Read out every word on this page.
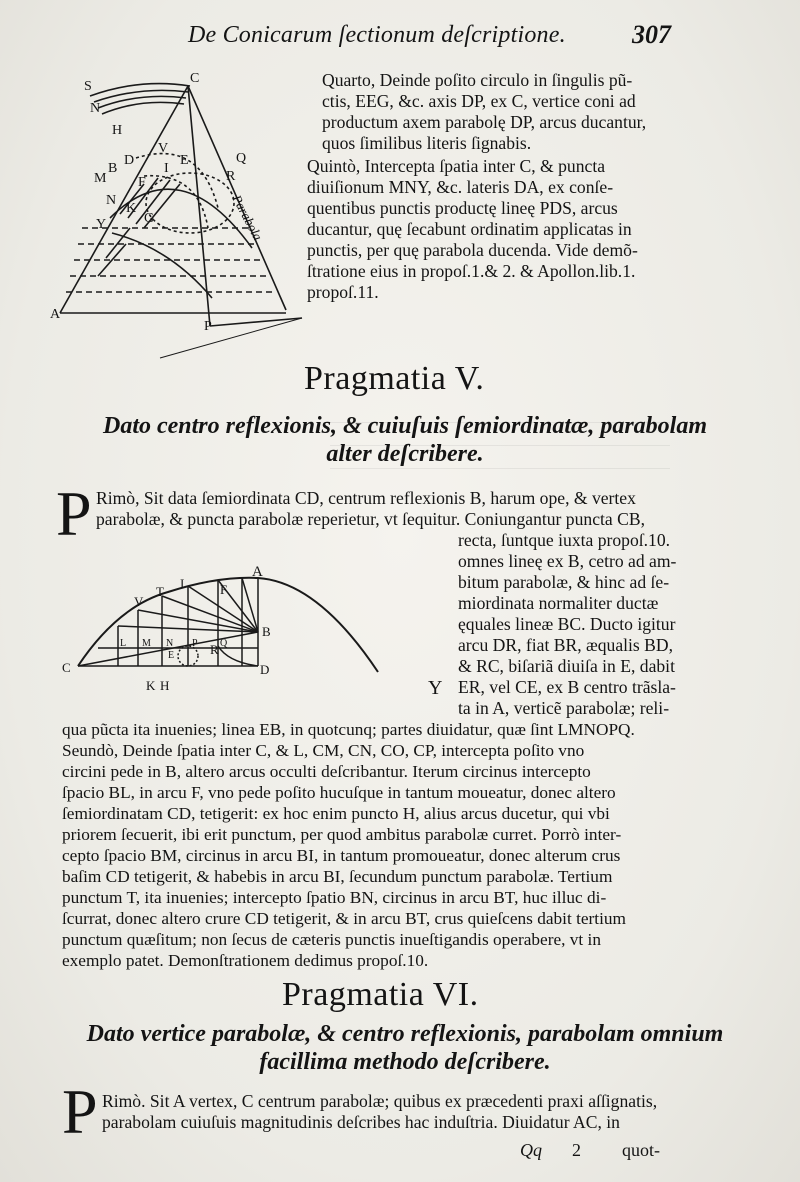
De Conicarum ſectionum deſcriptione.	307
S
N
H
V
I
E
C
M
N
F
K
Y	G
B
R
Q
A
P
D
Parabola
Quarto, Deinde poſito circulo in ſingulis pũ-
ctis, EEG, &c. axis DP, ex C, vertice coni ad
productum axem parabolę DP, arcus ducantur,
quos ſimilibus literis ſignabis.
Quintò, Intercepta ſpatia inter C, & puncta
diuiſionum MNY, &c. lateris DA, ex conſe-
quentibus punctis productę lineę PDS, arcus
ducantur, quę ſecabunt ordinatim applicatas in
punctis, per quę parabola ducenda. Vide demõ-
ſtratione eius in propoſ.1.& 2. & Apollon.lib.1.
propoſ.11.
Pragmatia V.
Dato centro reflexionis, & cuiuſuis ſemiordinatæ, parabolam
alter deſcribere.
P Rimò, Sit data ſemiordinata CD, centrum reflexionis B, harum ope, & vertex
parabolæ, & puncta parabolæ reperietur, vt ſequitur. Coniungantur puncta CB,
A
F
I
T
V
B
C	D
K H
R
Y
L M N P Q
E
recta, ſuntque iuxta propoſ.10.
omnes lineę ex B, cetro ad am-
bitum parabolæ, & hinc ad ſe-
miordinata normaliter ductæ
ęquales lineæ BC. Ducto igitur
arcu DR, fiat BR, æqualis BD,
& RC, biſariã diuiſa in E, dabit
ER, vel CE, ex B centro trãsla-
ta in A, verticẽ parabolæ; reli-
qua pũcta ita inuenies; linea EB, in quotcunq; partes diuidatur, quæ ſint LMNOPQ.
Seundò, Deinde ſpatia inter C, & L, CM, CN, CO, CP, intercepta poſito vno
circini pede in B, altero arcus occulti deſcribantur. Iterum circinus intercepto
ſpacio BL, in arcu F, vno pede poſito hucuſque in tantum moueatur, donec altero
ſemiordinatam CD, tetigerit: ex hoc enim puncto H, alius arcus ducetur, qui vbi
priorem ſecuerit, ibi erit punctum, per quod ambitus parabolæ curret. Porrò inter-
cepto ſpacio BM, circinus in arcu BI, in tantum promoueatur, donec alterum crus
baſim CD tetigerit, & habebis in arcu BI, ſecundum punctum parabolæ. Tertium
punctum T, ita inuenies; intercepto ſpatio BN, circinus in arcu BT, huc illuc di-
ſcurrat, donec altero crure CD tetigerit, & in arcu BT, crus quieſcens dabit tertium
punctum quæſitum; non ſecus de cæteris punctis inueſtigandis operabere, vt in
exemplo patet. Demonſtrationem dedimus propoſ.10.
Pragmatia VI.
Dato vertice parabolæ, & centro reflexionis, parabolam omnium
facillima methodo deſcribere.
P Rimò. Sit A vertex, C centrum parabolæ; quibus ex præcedenti praxi aſſignatis,
parabolam cuiuſuis magnitudinis deſcribes hac induſtria. Diuidatur AC, in
Qq 2 quot-
